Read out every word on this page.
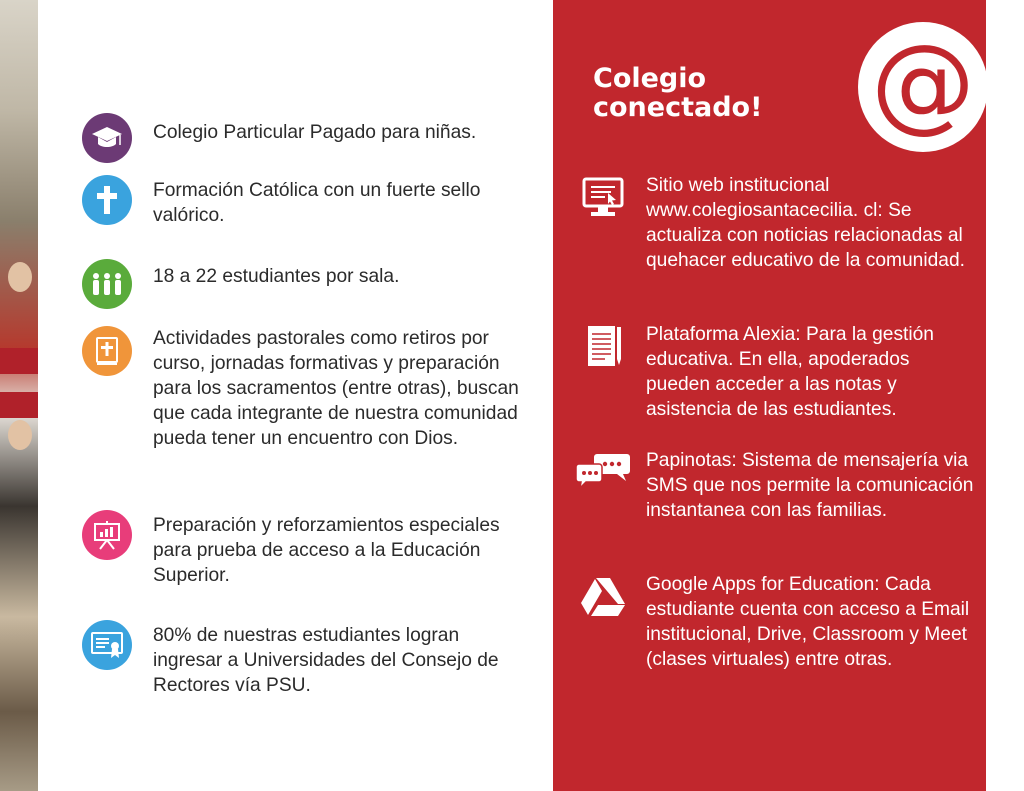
Colegio Particular Pagado para niñas.
Formación Católica con un fuerte sello valórico.
18 a 22 estudiantes por sala.
Actividades pastorales como retiros por curso, jornadas formativas y preparación para los sacramentos (entre otras), buscan que cada integrante de nuestra comunidad pueda tener un encuentro con Dios.
Preparación y reforzamientos especiales para prueba de acceso a la Educación Superior.
80% de nuestras estudiantes logran ingresar a Universidades del Consejo de Rectores vía PSU.
Colegio conectado!	@
Sitio web institucional www.colegiosantacecilia. cl: Se actualiza con noticias relacionadas al quehacer educativo de la comunidad.
Plataforma Alexia: Para la gestión educativa. En ella, apoderados pueden acceder a las notas y asistencia de las estudiantes.
Papinotas: Sistema de mensajería via SMS que nos permite la comunicación instantanea con las familias.
Google Apps for Education: Cada estudiante cuenta con acceso a Email institucional, Drive, Classroom y Meet (clases virtuales) entre otras.
